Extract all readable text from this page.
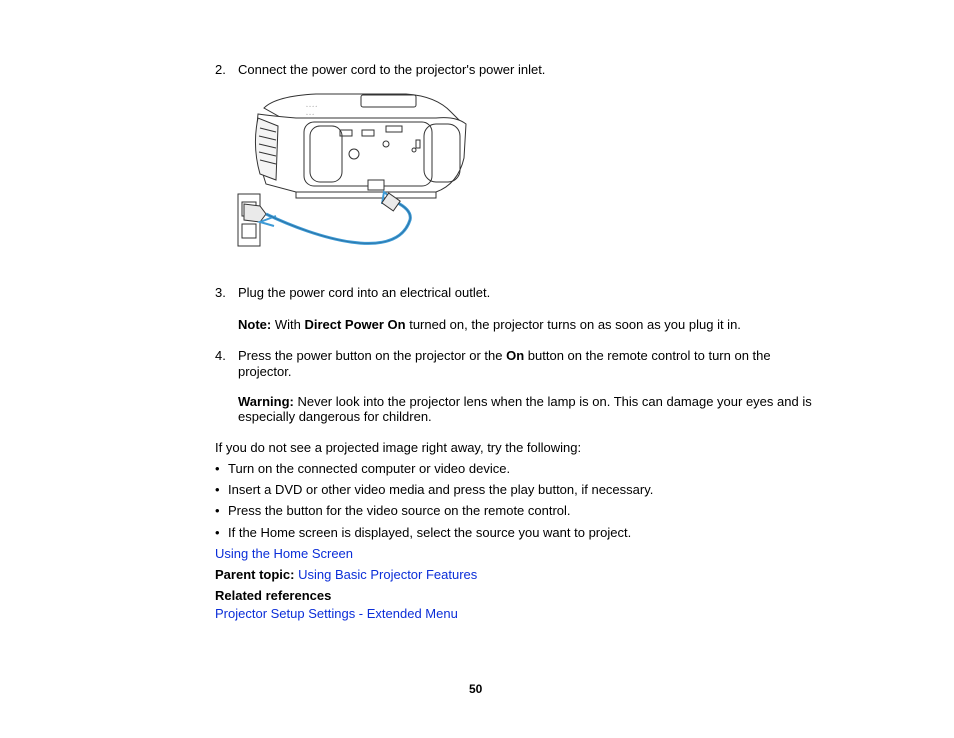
2. Connect the power cord to the projector's power inlet.
◦ ◦ ◦ ◦
◦ ◦ ◦
3. Plug the power cord into an electrical outlet.
Note: With Direct Power On turned on, the projector turns on as soon as you plug it in.
4. Press the power button on the projector or the On button on the remote control to turn on the
projector.
Warning: Never look into the projector lens when the lamp is on. This can damage your eyes and is
especially dangerous for children.
If you do not see a projected image right away, try the following:
• Turn on the connected computer or video device.
• Insert a DVD or other video media and press the play button, if necessary.
• Press the button for the video source on the remote control.
• If the Home screen is displayed, select the source you want to project.
Using the Home Screen
Parent topic: Using Basic Projector Features
Related references
Projector Setup Settings - Extended Menu
50
